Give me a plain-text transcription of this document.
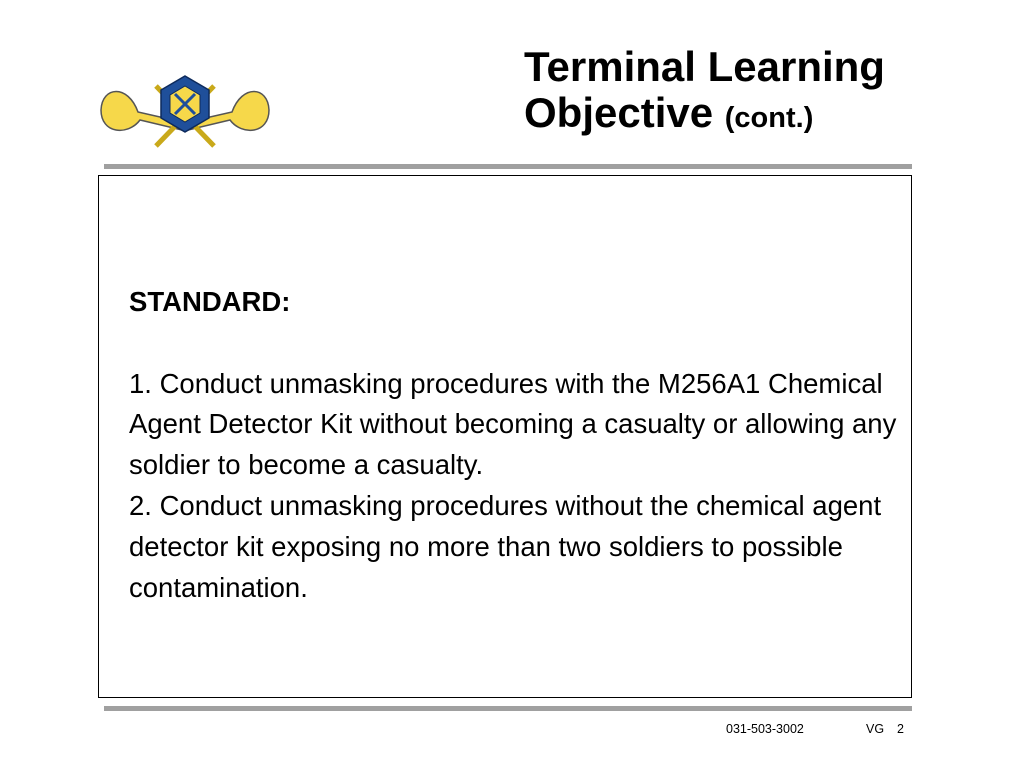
Terminal Learning Objective (cont.)
STANDARD:

1. Conduct unmasking procedures with the M256A1 Chemical Agent Detector Kit without becoming a casualty or allowing any soldier to become a casualty.

2. Conduct unmasking procedures without the chemical agent detector kit exposing no more than two soldiers to possible contamination.

031-503-3002	VG 2
